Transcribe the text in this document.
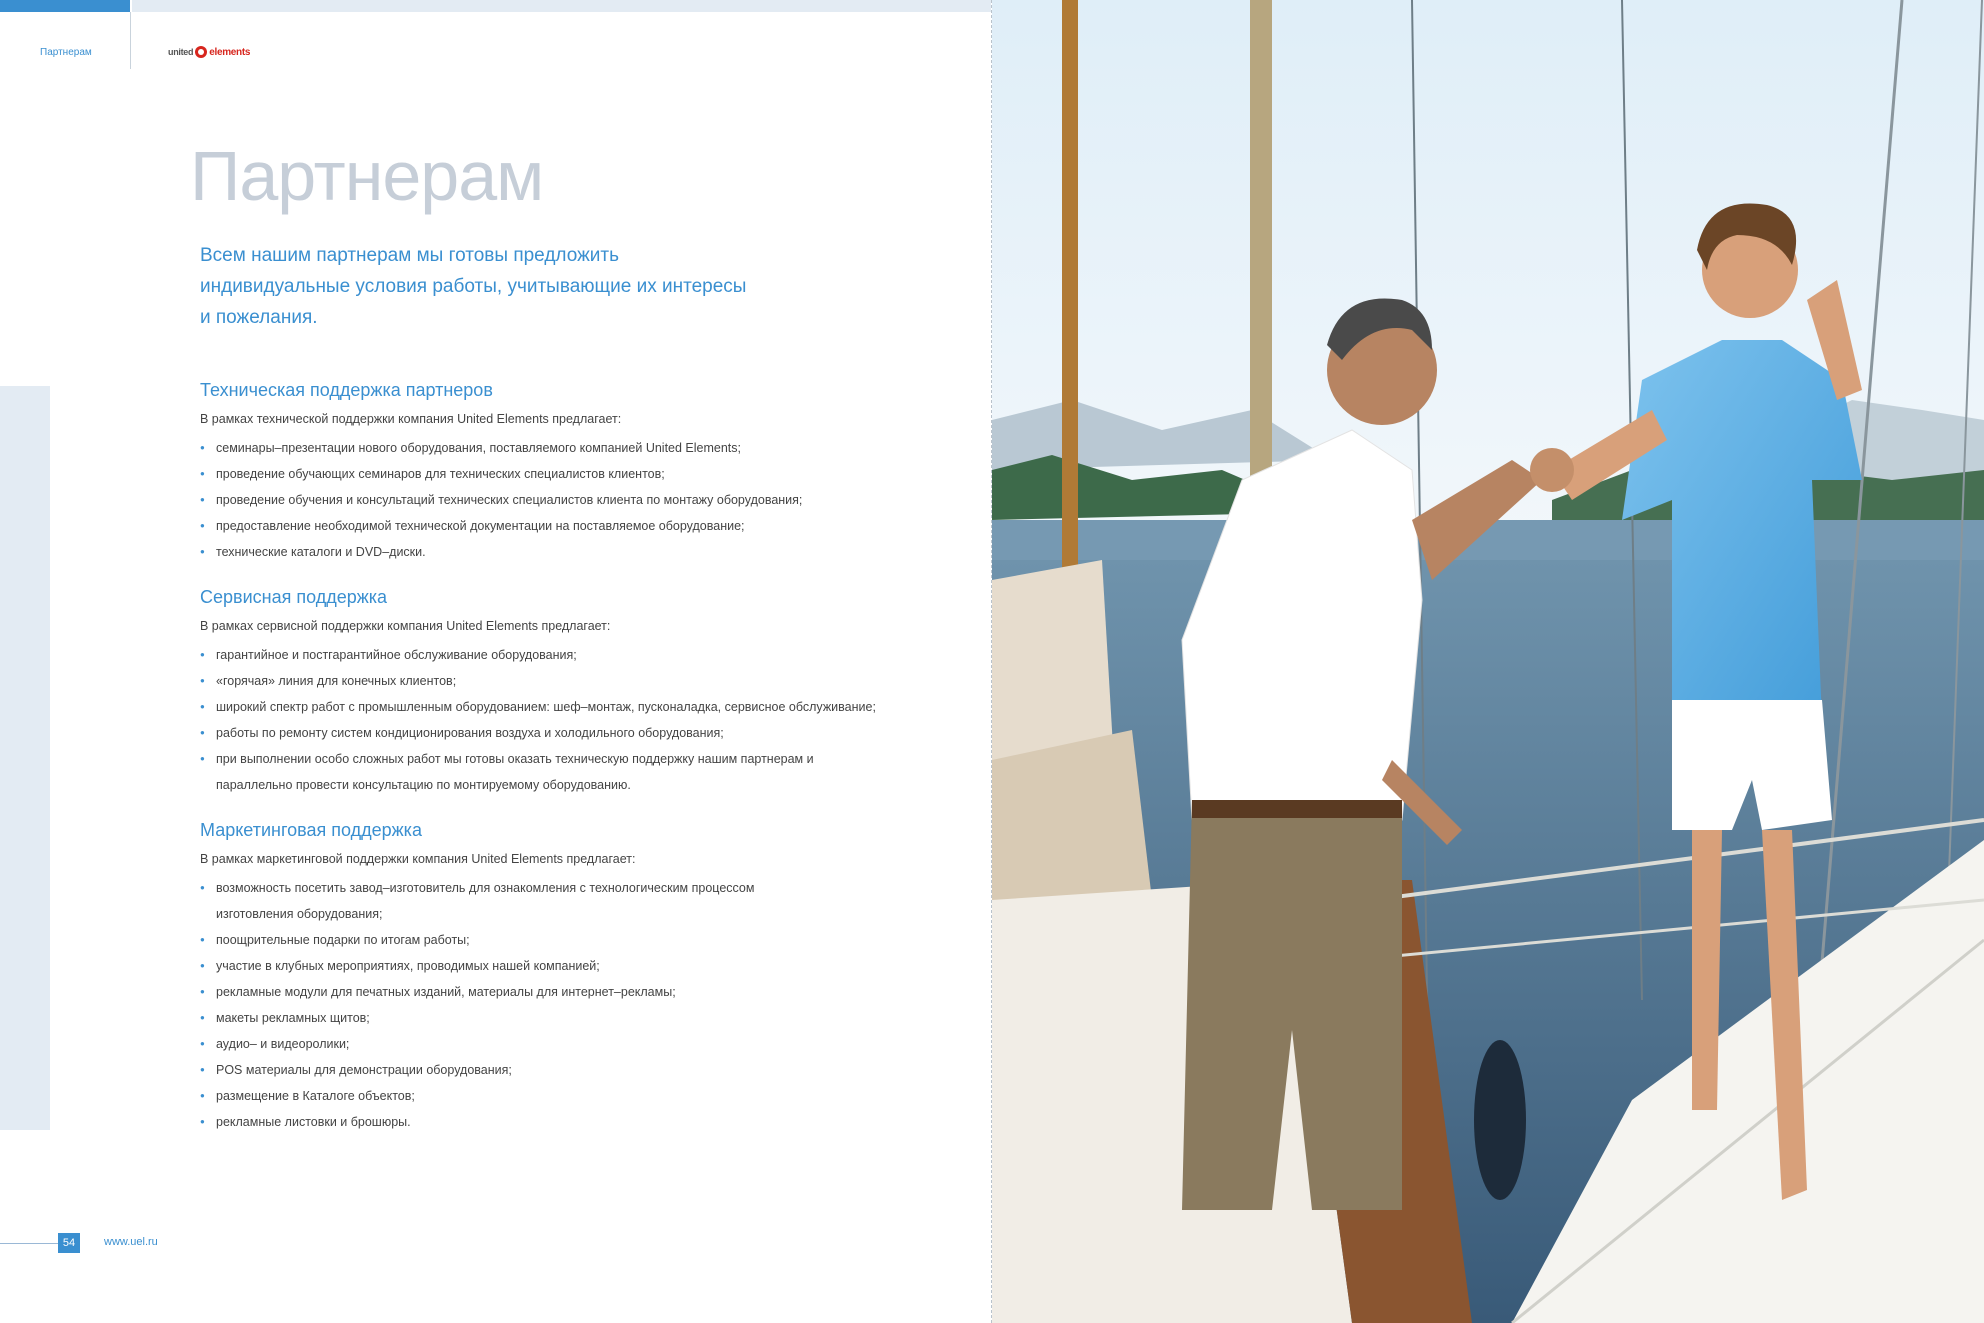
Партнерам	united elements
Партнерам
Всем нашим партнерам мы готовы предложить индивидуальные условия работы, учитывающие их интересы и пожелания.
Техническая поддержка партнеров
В рамках технической поддержки компания United Elements предлагает:
● семинары–презентации нового оборудования, поставляемого компанией United Elements;
● проведение обучающих семинаров для технических специалистов клиентов;
● проведение обучения и консультаций технических специалистов клиента по монтажу оборудования;
● предоставление необходимой технической документации на поставляемое оборудование;
● технические каталоги и DVD–диски.
Сервисная поддержка
В рамках сервисной поддержки компания United Elements предлагает:
● гарантийное и постгарантийное обслуживание оборудования;
● «горячая» линия для конечных клиентов;
● широкий спектр работ с промышленным оборудованием: шеф–монтаж, пусконаладка, сервисное обслуживание;
● работы по ремонту систем кондиционирования воздуха и холодильного оборудования;
● при выполнении особо сложных работ мы готовы оказать техническую поддержку нашим партнерам и параллельно провести консультацию по монтируемому оборудованию.
Маркетинговая поддержка
В рамках маркетинговой поддержки компания United Elements предлагает:
● возможность посетить завод–изготовитель для ознакомления с технологическим процессом изготовления оборудования;
● поощрительные подарки по итогам работы;
● участие в клубных мероприятиях, проводимых нашей компанией;
● рекламные модули для печатных изданий, материалы для интернет–рекламы;
● макеты рекламных щитов;
● аудио– и видеоролики;
● POS материалы для демонстрации оборудования;
● размещение в Каталоге объектов;
● рекламные листовки и брошюры.
54	www.uel.ru
